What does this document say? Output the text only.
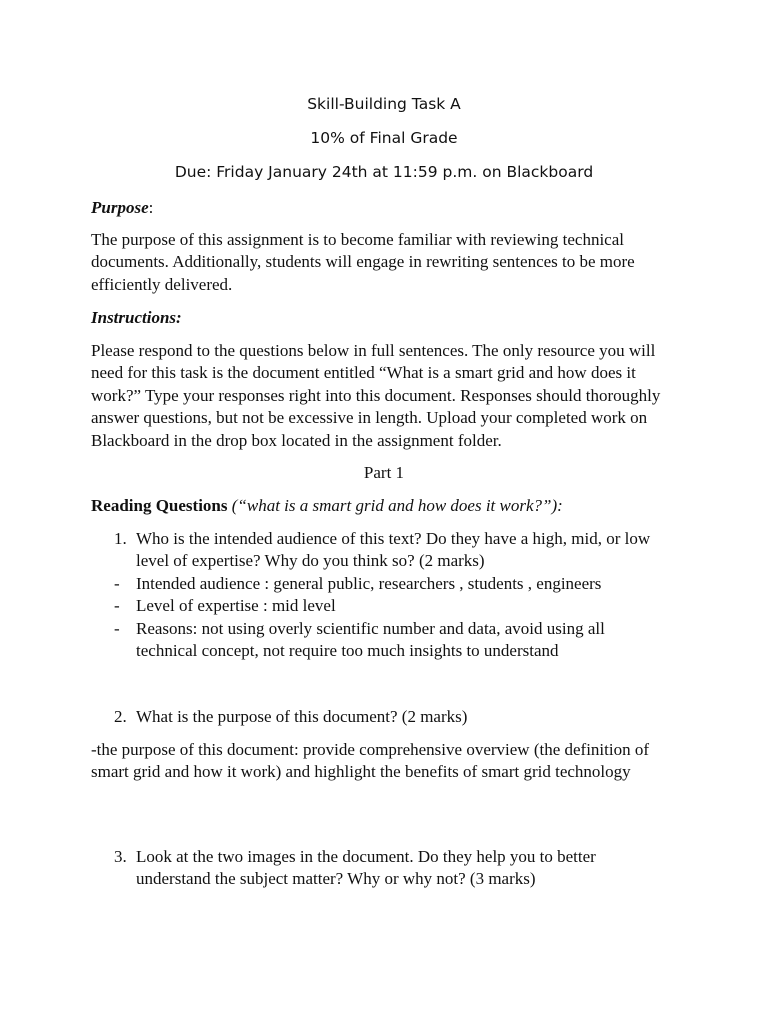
Skill-Building Task A
10% of Final Grade
Due: Friday January 24th at 11:59 p.m. on Blackboard
Purpose:
The purpose of this assignment is to become familiar with reviewing technical documents. Additionally, students will engage in rewriting sentences to be more efficiently delivered.
Instructions:
Please respond to the questions below in full sentences. The only resource you will need for this task is the document entitled “What is a smart grid and how does it work?” Type your responses right into this document. Responses should thoroughly answer questions, but not be excessive in length. Upload your completed work on Blackboard in the drop box located in the assignment folder.
Part 1
Reading Questions (“what is a smart grid and how does it work?”):
1. Who is the intended audience of this text? Do they have a high, mid, or low level of expertise? Why do you think so? (2 marks)
- Intended audience : general public, researchers , students , engineers
- Level of expertise : mid level
- Reasons: not using overly scientific number and data, avoid using all technical concept, not require too much insights to understand
2. What is the purpose of this document? (2 marks)
-the purpose of this document: provide comprehensive overview (the definition of smart grid and how it work) and highlight the benefits of smart grid technology
3. Look at the two images in the document. Do they help you to better understand the subject matter? Why or why not? (3 marks)
